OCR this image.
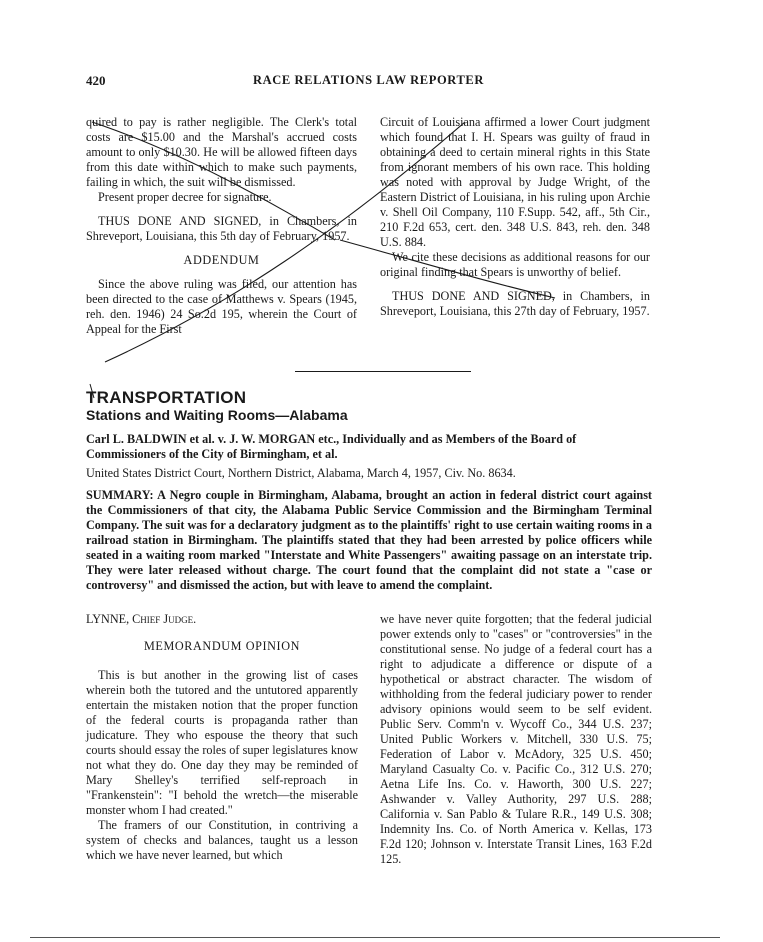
420	RACE RELATIONS LAW REPORTER

quired to pay is rather negligible. The Clerk's total costs are $15.00 and the Marshal's accrued costs amount to only $10.30. He will be allowed fifteen days from this date within which to make such payments, failing in which, the suit will be dismissed.

Present proper decree for signature.

THUS DONE AND SIGNED, in Chambers, in Shreveport, Louisiana, this 5th day of February, 1957.

ADDENDUM

Since the above ruling was filed, our attention has been directed to the case of Matthews v. Spears (1945, reh. den. 1946) 24 So.2d 195, wherein the Court of Appeal for the First

Circuit of Louisiana affirmed a lower Court judgment which found that I. H. Spears was guilty of fraud in obtaining a deed to certain mineral rights in this State from ignorant members of his own race. This holding was noted with approval by Judge Wright, of the Eastern District of Louisiana, in his ruling upon Archie v. Shell Oil Company, 110 F.Supp. 542, aff., 5th Cir., 210 F.2d 653, cert. den. 348 U.S. 843, reh. den. 348 U.S. 884.

We cite these decisions as additional reasons for our original finding that Spears is unworthy of belief.

THUS DONE AND SIGNED, in Chambers, in Shreveport, Louisiana, this 27th day of February, 1957.

TRANSPORTATION
Stations and Waiting Rooms—Alabama
Carl L. BALDWIN et al. v. J. W. MORGAN etc., Individually and as Members of the Board of Commissioners of the City of Birmingham, et al.
United States District Court, Northern District, Alabama, March 4, 1957, Civ. No. 8634.
SUMMARY: A Negro couple in Birmingham, Alabama, brought an action in federal district court against the Commissioners of that city, the Alabama Public Service Commission and the Birmingham Terminal Company. The suit was for a declaratory judgment as to the plaintiffs' right to use certain waiting rooms in a railroad station in Birmingham. The plaintiffs stated that they had been arrested by police officers while seated in a waiting room marked "Interstate and White Passengers" awaiting passage on an interstate trip. They were later released without charge. The court found that the complaint did not state a "case or controversy" and dismissed the action, but with leave to amend the complaint.

LYNNE, Chief Judge.

MEMORANDUM OPINION

This is but another in the growing list of cases wherein both the tutored and the untutored apparently entertain the mistaken notion that the proper function of the federal courts is propaganda rather than judicature. They who espouse the theory that such courts should essay the roles of super legislatures know not what they do. One day they may be reminded of Mary Shelley's terrified self-reproach in "Frankenstein": "I behold the wretch—the miserable monster whom I had created."

The framers of our Constitution, in contriving a system of checks and balances, taught us a lesson which we have never learned, but which

we have never quite forgotten; that the federal judicial power extends only to "cases" or "controversies" in the constitutional sense. No judge of a federal court has a right to adjudicate a difference or dispute of a hypothetical or abstract character. The wisdom of withholding from the federal judiciary power to render advisory opinions would seem to be self evident. Public Serv. Comm'n v. Wycoff Co., 344 U.S. 237; United Public Workers v. Mitchell, 330 U.S. 75; Federation of Labor v. McAdory, 325 U.S. 450; Maryland Casualty Co. v. Pacific Co., 312 U.S. 270; Aetna Life Ins. Co. v. Haworth, 300 U.S. 227; Ashwander v. Valley Authority, 297 U.S. 288; California v. San Pablo & Tulare R.R., 149 U.S. 308; Indemnity Ins. Co. of North America v. Kellas, 173 F.2d 120; Johnson v. Interstate Transit Lines, 163 F.2d 125.
